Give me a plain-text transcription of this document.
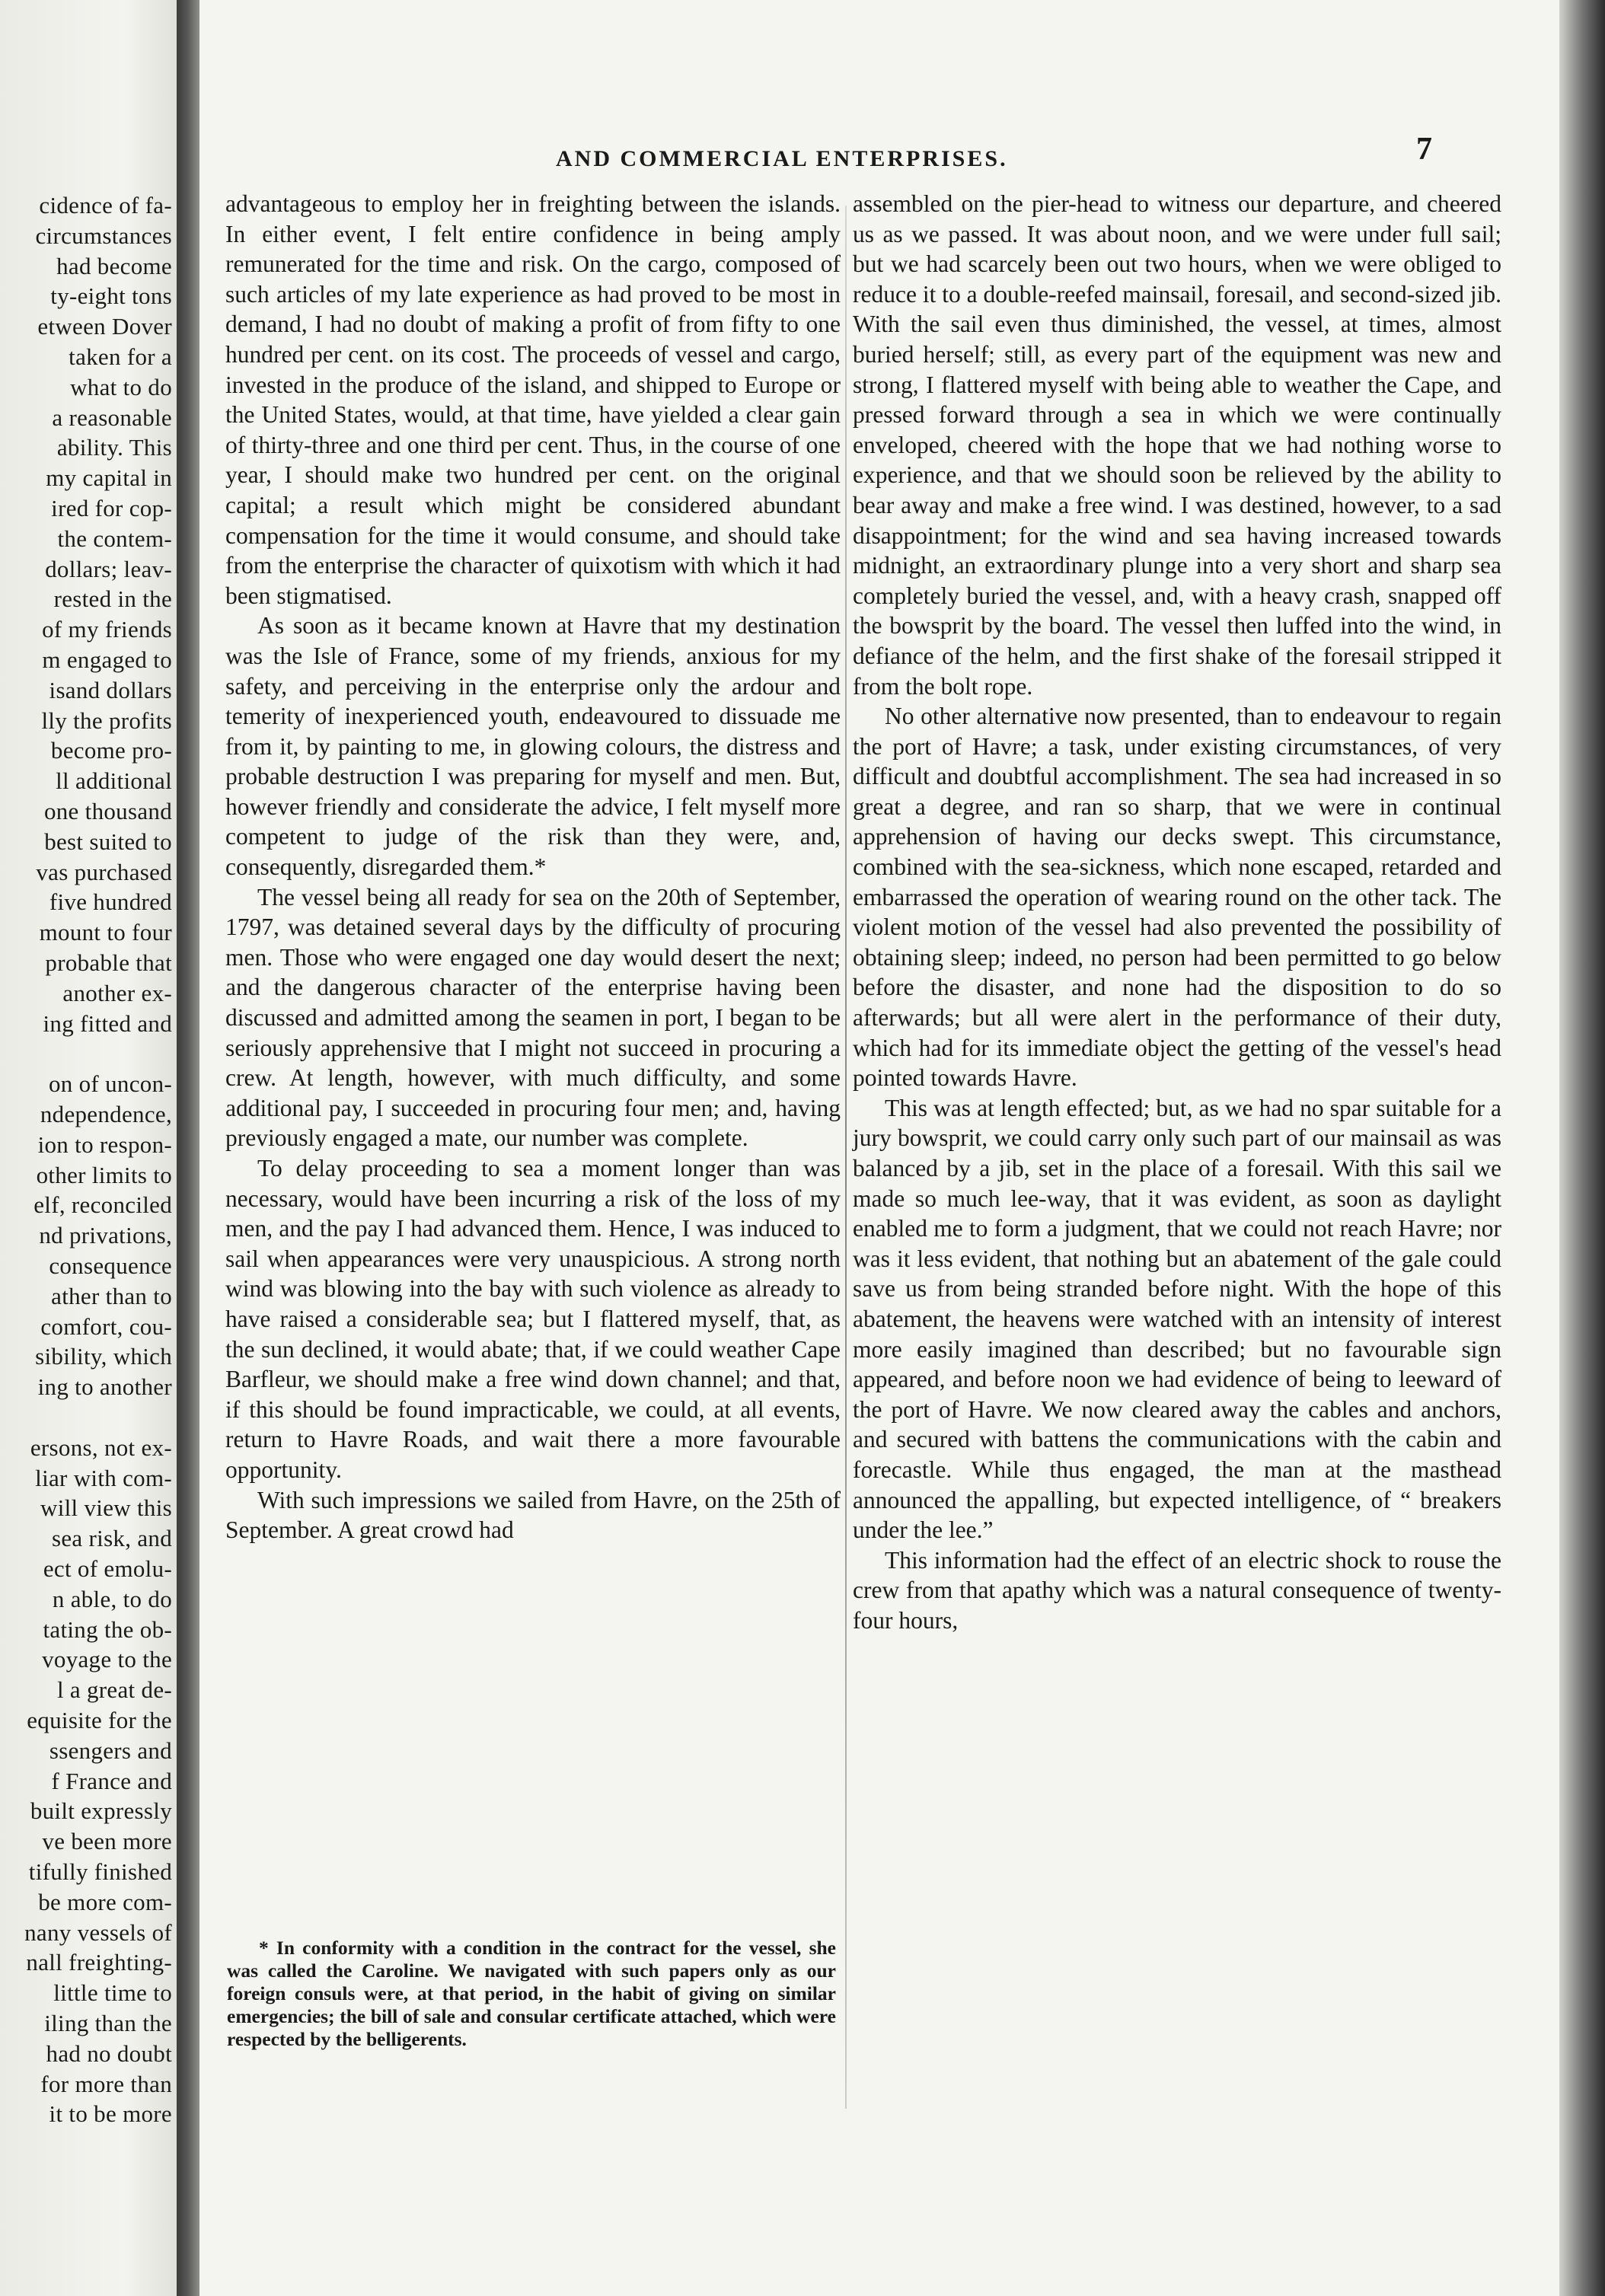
cidence of fa-
circumstances
had become
ty-eight tons
etween Dover
taken for a
what to do
a reasonable
ability. This
my capital in
ired for cop-
the contem-
dollars; leav-
rested in the
of my friends
m engaged to
isand dollars
lly the profits
become pro-
ll additional
one thousand
best suited to
vas purchased
five hundred
mount to four
probable that
another ex-
ing fitted and
on of uncon-
ndependence,
ion to respon-
other limits to
elf, reconciled
nd privations,
consequence
ather than to
comfort, cou-
sibility, which
ing to another
ersons, not ex-
liar with com-
will view this
sea risk, and
ect of emolu-
n able, to do
tating the ob-
voyage to the
l a great de-
equisite for the
ssengers and
f France and
built expressly
ve been more
tifully finished
be more com-
nany vessels of
nall freighting-
little time to
iling than the
had no doubt
for more than
it to be more
AND COMMERCIAL ENTERPRISES.	7

advantageous to employ her in freighting between the islands. In either event, I felt entire confidence in being amply remunerated for the time and risk. On the cargo, composed of such articles of my late experience as had proved to be most in demand, I had no doubt of making a profit of from fifty to one hundred per cent. on its cost. The proceeds of vessel and cargo, invested in the produce of the island, and shipped to Europe or the United States, would, at that time, have yielded a clear gain of thirty-three and one third per cent. Thus, in the course of one year, I should make two hundred per cent. on the original capital; a result which might be considered abundant compensation for the time it would consume, and should take from the enterprise the character of quixotism with which it had been stigmatised.

As soon as it became known at Havre that my destination was the Isle of France, some of my friends, anxious for my safety, and perceiving in the enterprise only the ardour and temerity of inexperienced youth, endeavoured to dissuade me from it, by painting to me, in glowing colours, the distress and probable destruction I was preparing for myself and men. But, however friendly and considerate the advice, I felt myself more competent to judge of the risk than they were, and, consequently, disregarded them.*

The vessel being all ready for sea on the 20th of September, 1797, was detained several days by the difficulty of procuring men. Those who were engaged one day would desert the next; and the dangerous character of the enterprise having been discussed and admitted among the seamen in port, I began to be seriously apprehensive that I might not succeed in procuring a crew. At length, however, with much difficulty, and some additional pay, I succeeded in procuring four men; and, having previously engaged a mate, our number was complete.

To delay proceeding to sea a moment longer than was necessary, would have been incurring a risk of the loss of my men, and the pay I had advanced them. Hence, I was induced to sail when appearances were very unauspicious. A strong north wind was blowing into the bay with such violence as already to have raised a considerable sea; but I flattered myself, that, as the sun declined, it would abate; that, if we could weather Cape Barfleur, we should make a free wind down channel; and that, if this should be found impracticable, we could, at all events, return to Havre Roads, and wait there a more favourable opportunity.

With such impressions we sailed from Havre, on the 25th of September. A great crowd had

* In conformity with a condition in the contract for the vessel, she was called the Caroline. We navigated with such papers only as our foreign consuls were, at that period, in the habit of giving on similar emergencies; the bill of sale and consular certificate attached, which were respected by the belligerents.

assembled on the pier-head to witness our departure, and cheered us as we passed. It was about noon, and we were under full sail; but we had scarcely been out two hours, when we were obliged to reduce it to a double-reefed mainsail, foresail, and second-sized jib. With the sail even thus diminished, the vessel, at times, almost buried herself; still, as every part of the equipment was new and strong, I flattered myself with being able to weather the Cape, and pressed forward through a sea in which we were continually enveloped, cheered with the hope that we had nothing worse to experience, and that we should soon be relieved by the ability to bear away and make a free wind. I was destined, however, to a sad disappointment; for the wind and sea having increased towards midnight, an extraordinary plunge into a very short and sharp sea completely buried the vessel, and, with a heavy crash, snapped off the bowsprit by the board. The vessel then luffed into the wind, in defiance of the helm, and the first shake of the foresail stripped it from the bolt rope.

No other alternative now presented, than to endeavour to regain the port of Havre; a task, under existing circumstances, of very difficult and doubtful accomplishment. The sea had increased in so great a degree, and ran so sharp, that we were in continual apprehension of having our decks swept. This circumstance, combined with the sea-sickness, which none escaped, retarded and embarrassed the operation of wearing round on the other tack. The violent motion of the vessel had also prevented the possibility of obtaining sleep; indeed, no person had been permitted to go below before the disaster, and none had the disposition to do so afterwards; but all were alert in the performance of their duty, which had for its immediate object the getting of the vessel's head pointed towards Havre.

This was at length effected; but, as we had no spar suitable for a jury bowsprit, we could carry only such part of our mainsail as was balanced by a jib, set in the place of a foresail. With this sail we made so much lee-way, that it was evident, as soon as daylight enabled me to form a judgment, that we could not reach Havre; nor was it less evident, that nothing but an abatement of the gale could save us from being stranded before night. With the hope of this abatement, the heavens were watched with an intensity of interest more easily imagined than described; but no favourable sign appeared, and before noon we had evidence of being to leeward of the port of Havre. We now cleared away the cables and anchors, and secured with battens the communications with the cabin and forecastle. While thus engaged, the man at the masthead announced the appalling, but expected intelligence, of “ breakers under the lee.”

This information had the effect of an electric shock to rouse the crew from that apathy which was a natural consequence of twenty-four hours,
